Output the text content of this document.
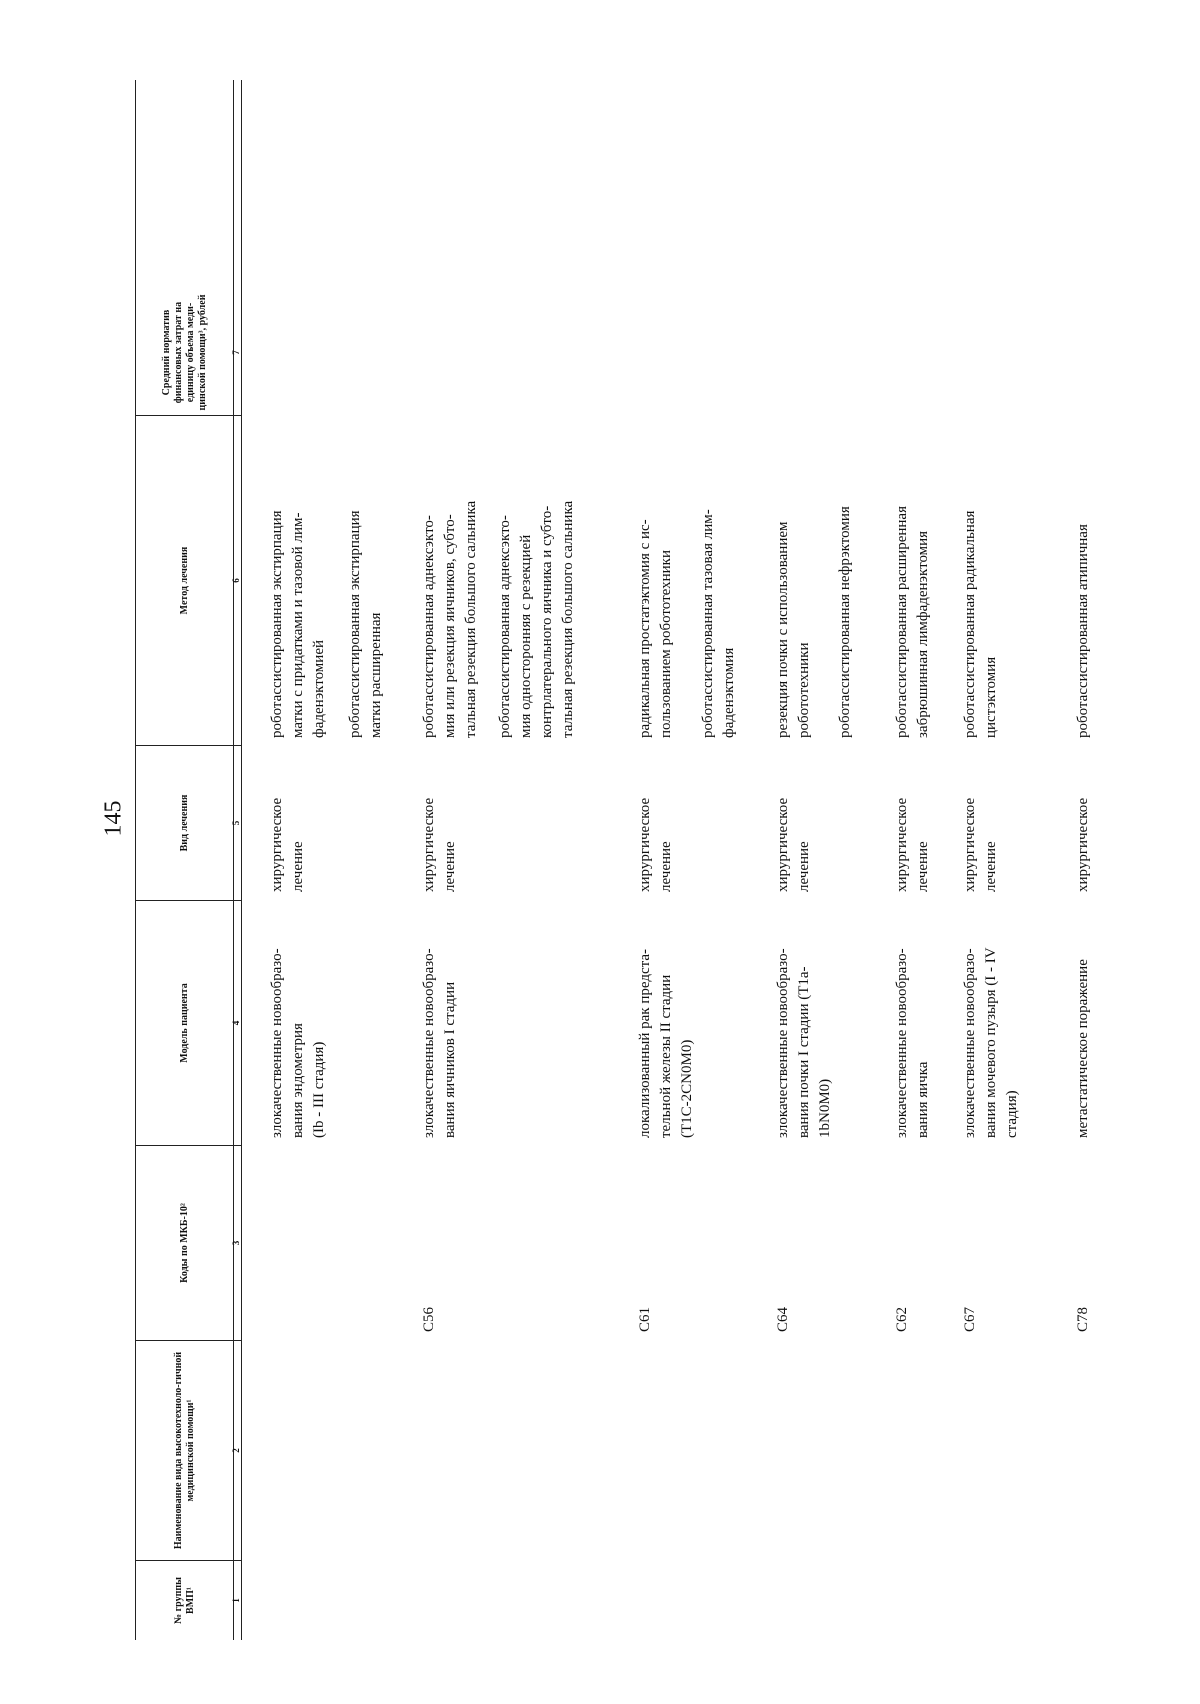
145
№ группы ВМП¹
Наименование вида высокотехноло-гичной медицинской помощи¹
Коды по МКБ-10²
Модель пациента
Вид лечения
Метод лечения
Средний норматив финансовых затрат на единицу объема меди-цинской помощи³, рублей
1
2
3
4
5
6
7
злокачественные новообразо- вания эндометрия (Ib - III стадия)
хирургическое лечение
роботассистированная экстирпация матки с придатками и тазовой лим- фаденэктомией роботассистированная экстирпация матки расширенная
C56
злокачественные новообразо- вания яичников I стадии
хирургическое лечение
роботассистированная аднексэкто- мия или резекция яичников, субто- тальная резекция большого сальника роботассистированная аднексэкто- мия односторонняя с резекцией контрлатерального яичника и субто- тальная резекция большого сальника
C61
локализованный рак предста- тельной железы II стадии (T1C-2CN0M0)
хирургическое лечение
радикальная простатэктомия с ис- пользованием робототехники роботассистированная тазовая лим- фаденэктомия
C64
злокачественные новообразо- вания почки I стадии (T1a- 1bN0M0)
хирургическое лечение
резекция почки с использованием робототехники роботассистированная нефрэктомия
C62
злокачественные новообразо- вания яичка
хирургическое лечение
роботассистированная расширенная забрюшинная лимфаденэктомия
C67
злокачественные новообразо- вания мочевого пузыря (I - IV стадия)
хирургическое лечение
роботассистированная радикальная цистэктомия
C78
метастатическое поражение
хирургическое
роботассистированная атипичная
